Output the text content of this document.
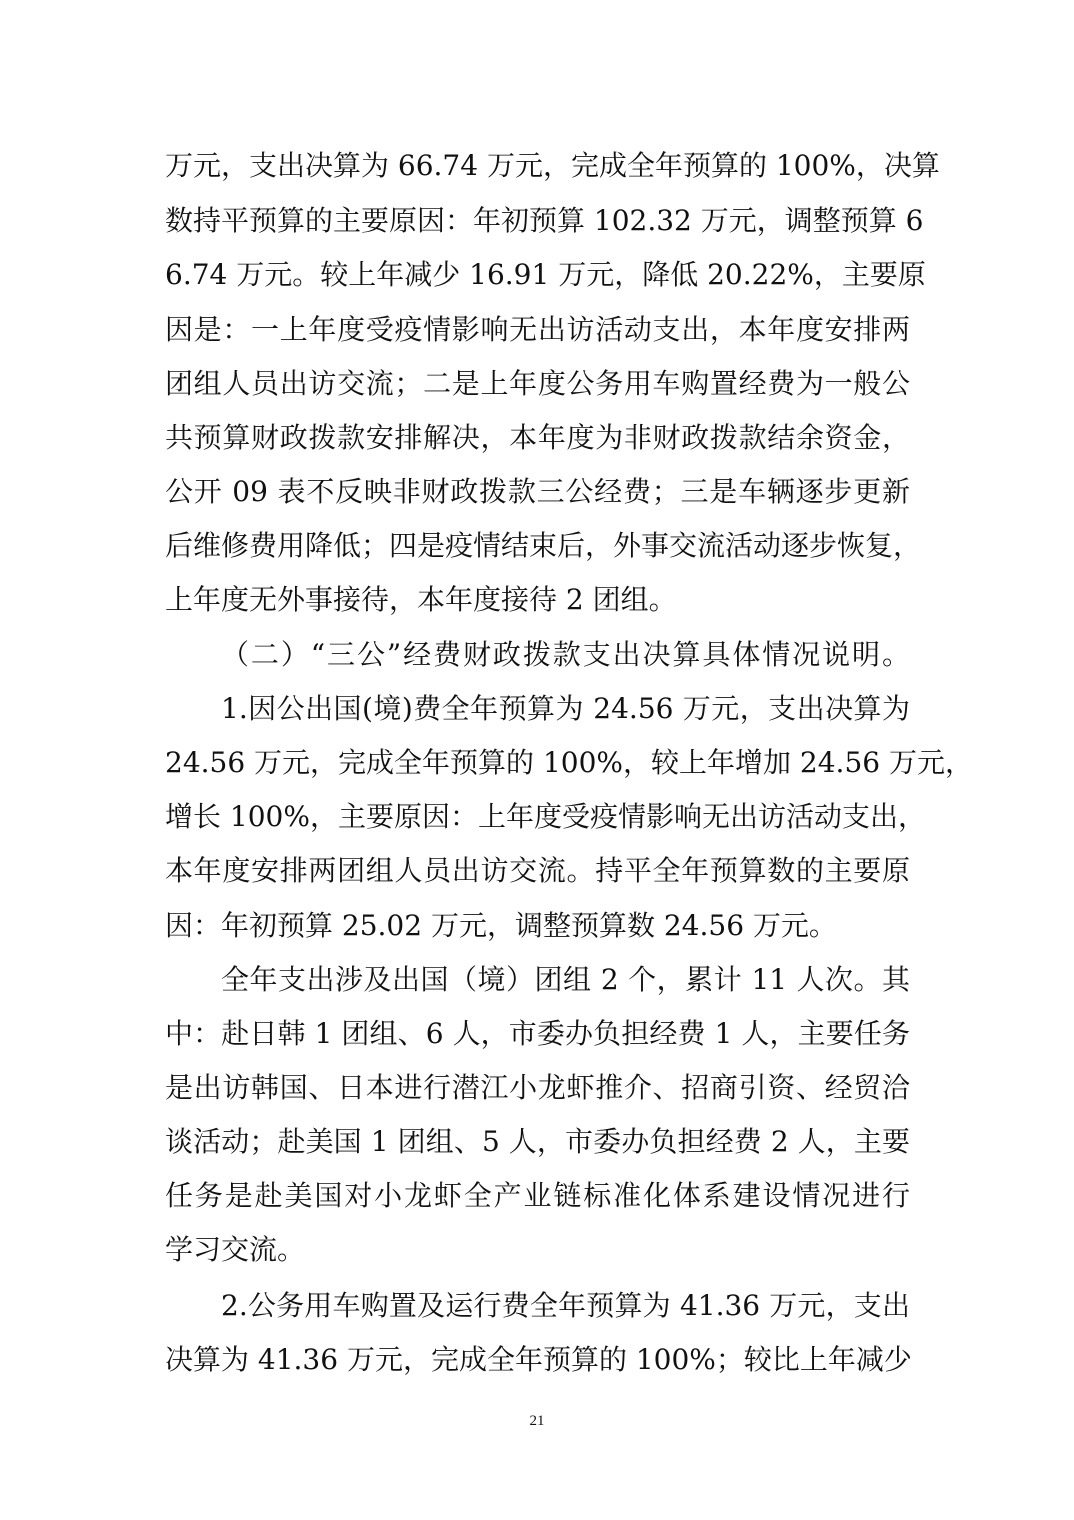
万元，支出决算为 66.74 万元，完成全年预算的 100%，决算
数持平预算的主要原因：年初预算 102.32 万元，调整预算 6
6.74 万元。较上年减少 16.91 万元，降低 20.22%，主要原
因是：一上年度受疫情影响无出访活动支出，本年度安排两
团组人员出访交流；二是上年度公务用车购置经费为一般公
共预算财政拨款安排解决，本年度为非财政拨款结余资金，
公开 09 表不反映非财政拨款三公经费；三是车辆逐步更新
后维修费用降低；四是疫情结束后，外事交流活动逐步恢复，
上年度无外事接待，本年度接待 2 团组。
（二）“三公”经费财政拨款支出决算具体情况说明。
1.因公出国(境)费全年预算为 24.56 万元，支出决算为
24.56 万元，完成全年预算的 100%，较上年增加 24.56 万元，
增长 100%，主要原因：上年度受疫情影响无出访活动支出，
本年度安排两团组人员出访交流。持平全年预算数的主要原
因：年初预算 25.02 万元，调整预算数 24.56 万元。
全年支出涉及出国（境）团组 2 个，累计 11 人次。其
中：赴日韩 1 团组、6 人，市委办负担经费 1 人，主要任务
是出访韩国、日本进行潜江小龙虾推介、招商引资、经贸洽
谈活动；赴美国 1 团组、5 人，市委办负担经费 2 人，主要
任务是赴美国对小龙虾全产业链标准化体系建设情况进行
学习交流。
2.公务用车购置及运行费全年预算为 41.36 万元，支出
决算为 41.36 万元，完成全年预算的 100%；较比上年减少
21
